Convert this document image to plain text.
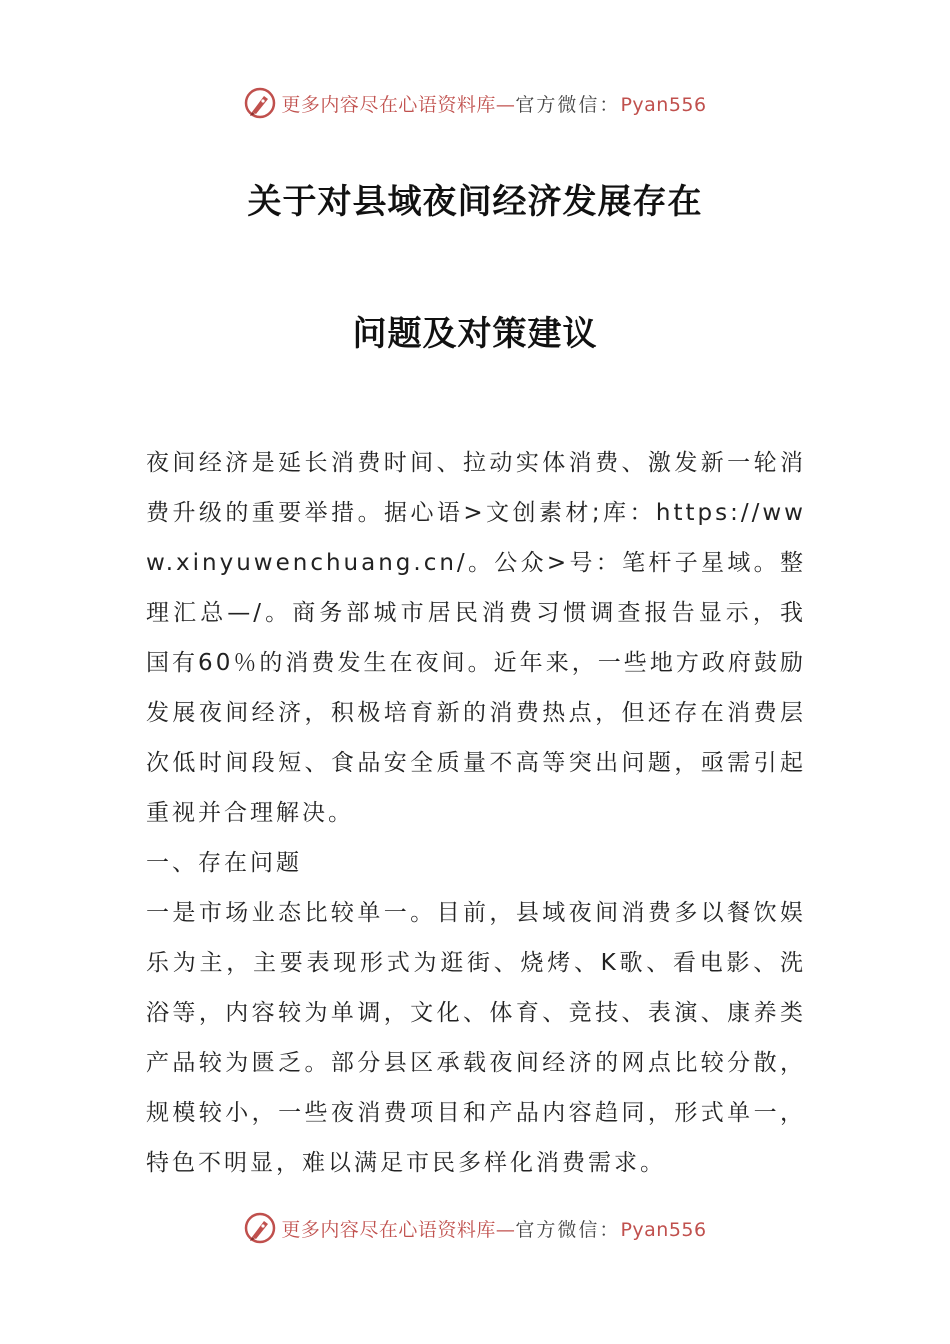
更多内容尽在心语资料库—官方微信：Pyan556
关于对县域夜间经济发展存在
问题及对策建议

夜间经济是延长消费时间、拉动实体消费、激发新一轮消费升级的重要举措。据心语>文创素材;库：https://www.xinyuwenchuang.cn/。公众>号：笔杆子星域。整理汇总—/。商务部城市居民消费习惯调查报告显示，我国有60％的消费发生在夜间。近年来，一些地方政府鼓励发展夜间经济，积极培育新的消费热点，但还存在消费层次低时间段短、食品安全质量不高等突出问题，亟需引起重视并合理解决。

一、存在问题

一是市场业态比较单一。目前，县域夜间消费多以餐饮娱乐为主，主要表现形式为逛街、烧烤、K歌、看电影、洗浴等，内容较为单调，文化、体育、竞技、表演、康养类产品较为匮乏。部分县区承载夜间经济的网点比较分散，规模较小，一些夜消费项目和产品内容趋同，形式单一，特色不明显，难以满足市民多样化消费需求。

更多内容尽在心语资料库—官方微信：Pyan556
